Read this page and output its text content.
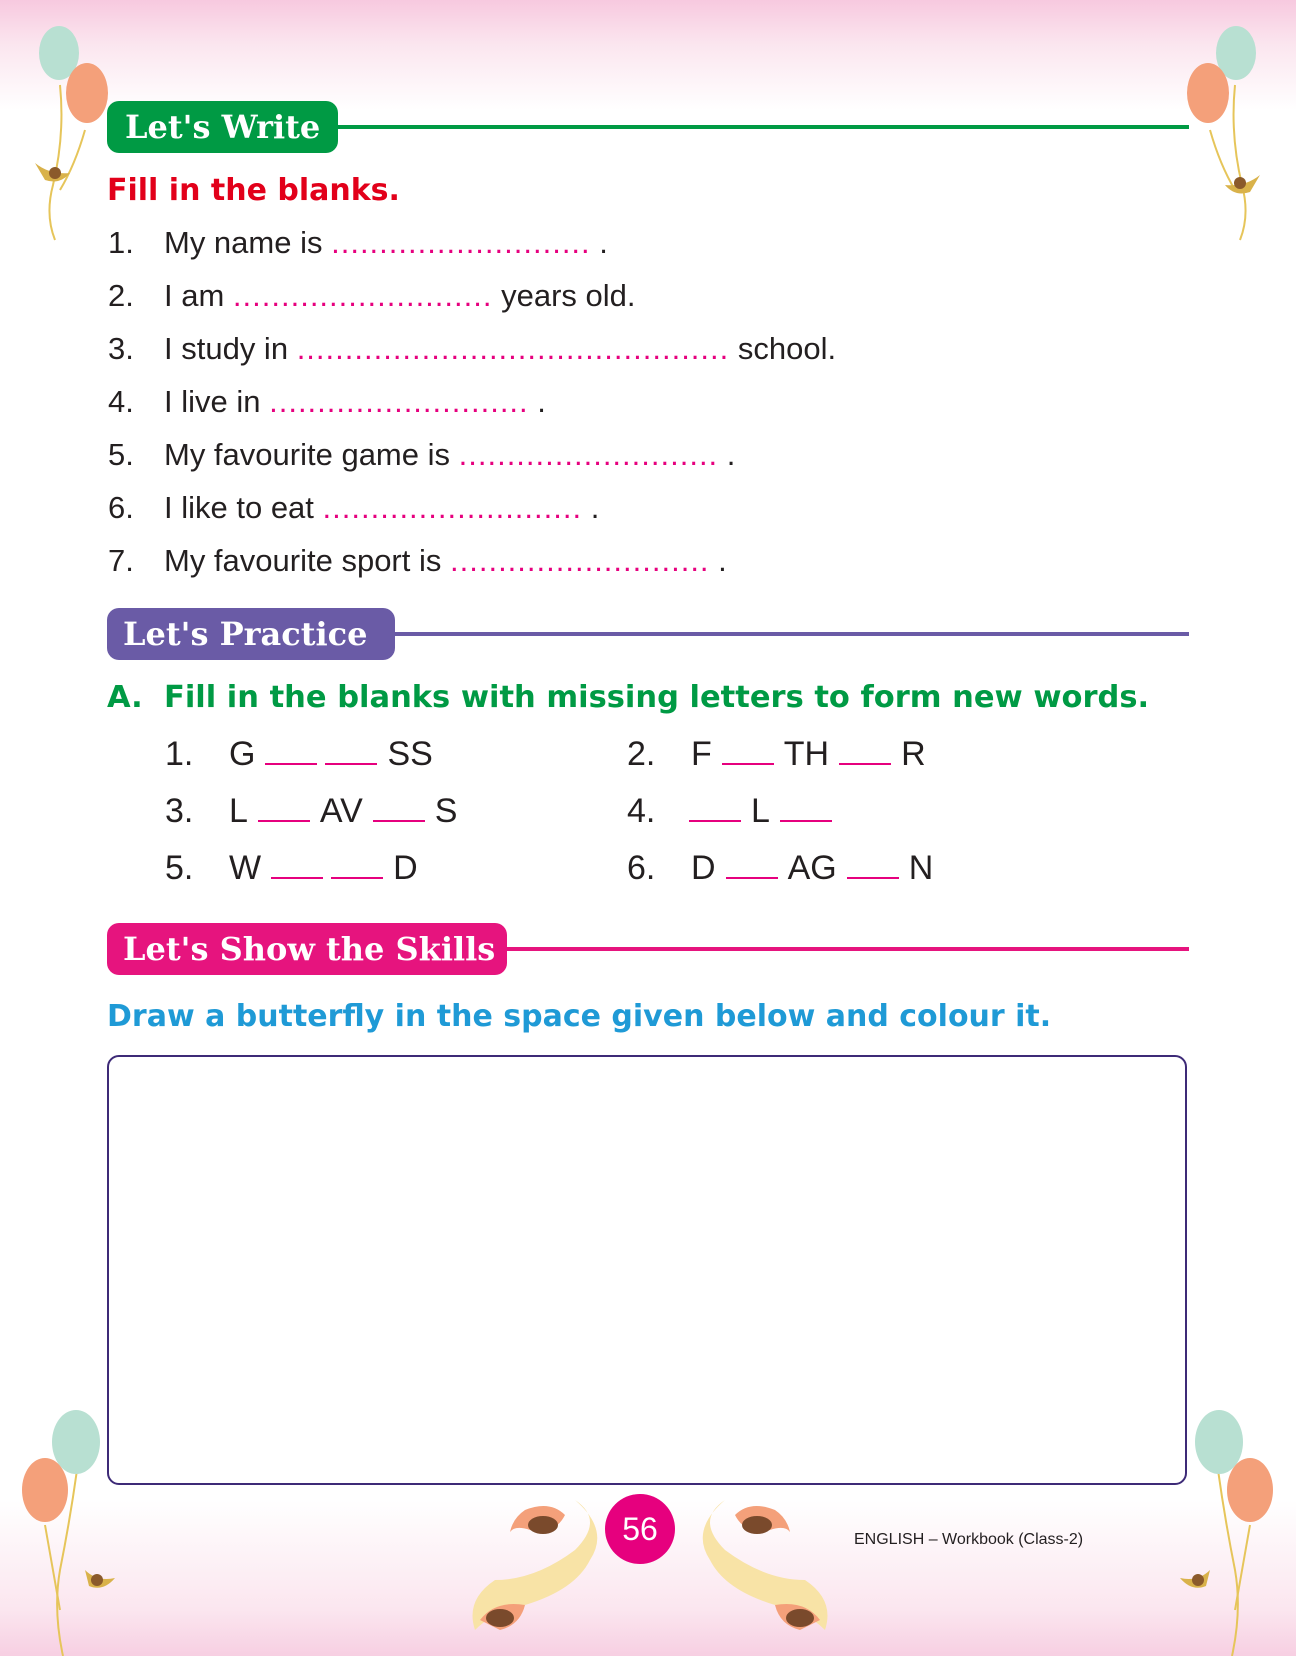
Let's Write
Fill in the blanks.
1. My name is ........................... .
2. I am ........................... years old.
3. I study in ............................................. school.
4. I live in ........................... .
5. My favourite game is ........................... .
6. I like to eat ........................... .
7. My favourite sport is ........................... .
Let's Practice
A.  Fill in the blanks with missing letters to form new words.
1. G	SS	2. F TH R
3. L AV S	4.	L
5. W	D	6. D AG N
Let's Show the Skills
Draw a butterfly in the space given below and colour it.
56	ENGLISH – Workbook (Class-2)
